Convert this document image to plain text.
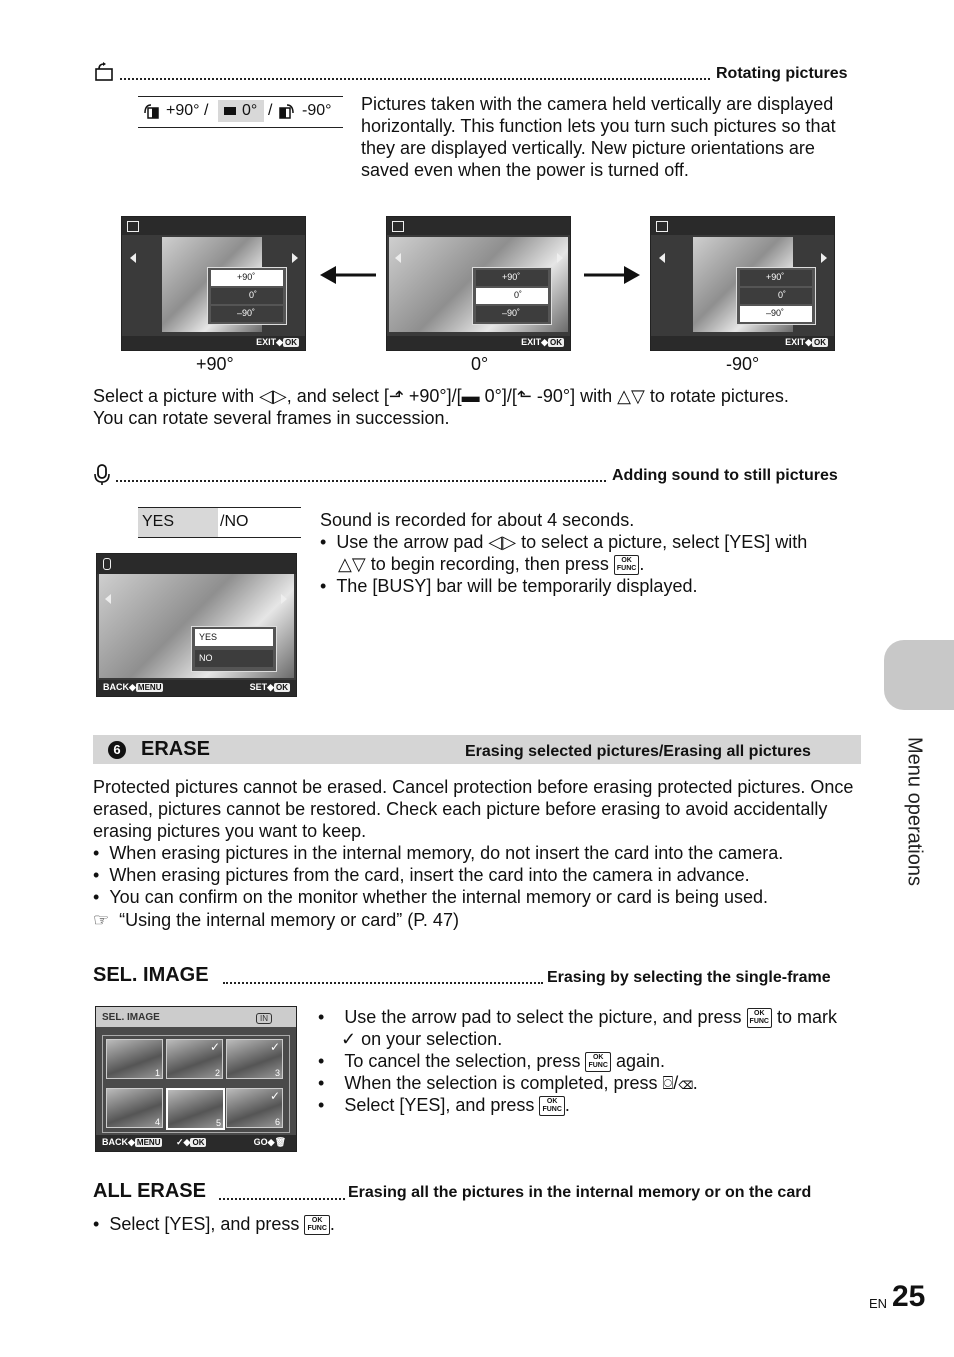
Rotating pictures
+90° / 0° / -90° Pictures taken with the camera held vertically are displayed horizontally. This function lets you turn such pictures so that they are displayed vertically. New picture orientations are saved even when the power is turned off.
+90˚
0˚
–90˚
EXIT◆ OK
+90°
+90˚
0˚
–90˚
EXIT◆ OK
0°
+90˚
0˚
–90˚
EXIT◆ OK
-90°
Select a picture with ◁▷, and select [⬏ +90°]/[▬ 0°]/[⬑ -90°] with △▽ to rotate pictures.
You can rotate several frames in succession.
Adding sound to still pictures
YES	/NO	Sound is recorded for about 4 seconds.
•  Use the arrow pad ◁▷ to select a picture, select [YES] with
△▽ to begin recording, then press OK
FUNC .
•  The [BUSY] bar will be temporarily displayed.
YES
NO
BACK◆ MENU	SET◆ OK
6 ERASE	Erasing selected pictures/Erasing all pictures
Protected pictures cannot be erased. Cancel protection before erasing protected pictures. Once erased, pictures cannot be restored. Check each picture before erasing to avoid accidentally erasing pictures you want to keep.
•  When erasing pictures in the internal memory, do not insert the card into the camera.
•  When erasing pictures from the card, insert the card into the camera in advance.
•  You can confirm on the monitor whether the internal memory or card is being used.
☞ “Using the internal memory or card” (P. 47)
SEL. IMAGE	Erasing by selecting the single-frame
SEL. IMAGE	IN
1	2
✓
3
✓
4	5	6
✓
BACK◆ MENU ✓◆ OK	GO◆🗑
•    Use the arrow pad to select the picture, and press OK
FUNC to mark
✓ on your selection.
•    To cancel the selection, press OK
FUNC again.
•    When the selection is completed, press ⌼/⌫.
•    Select [YES], and press OK
FUNC .
ALL ERASE	Erasing all the pictures in the internal memory or on the card
•  Select [YES], and press OK
FUNC .
Menu operations
EN 25
